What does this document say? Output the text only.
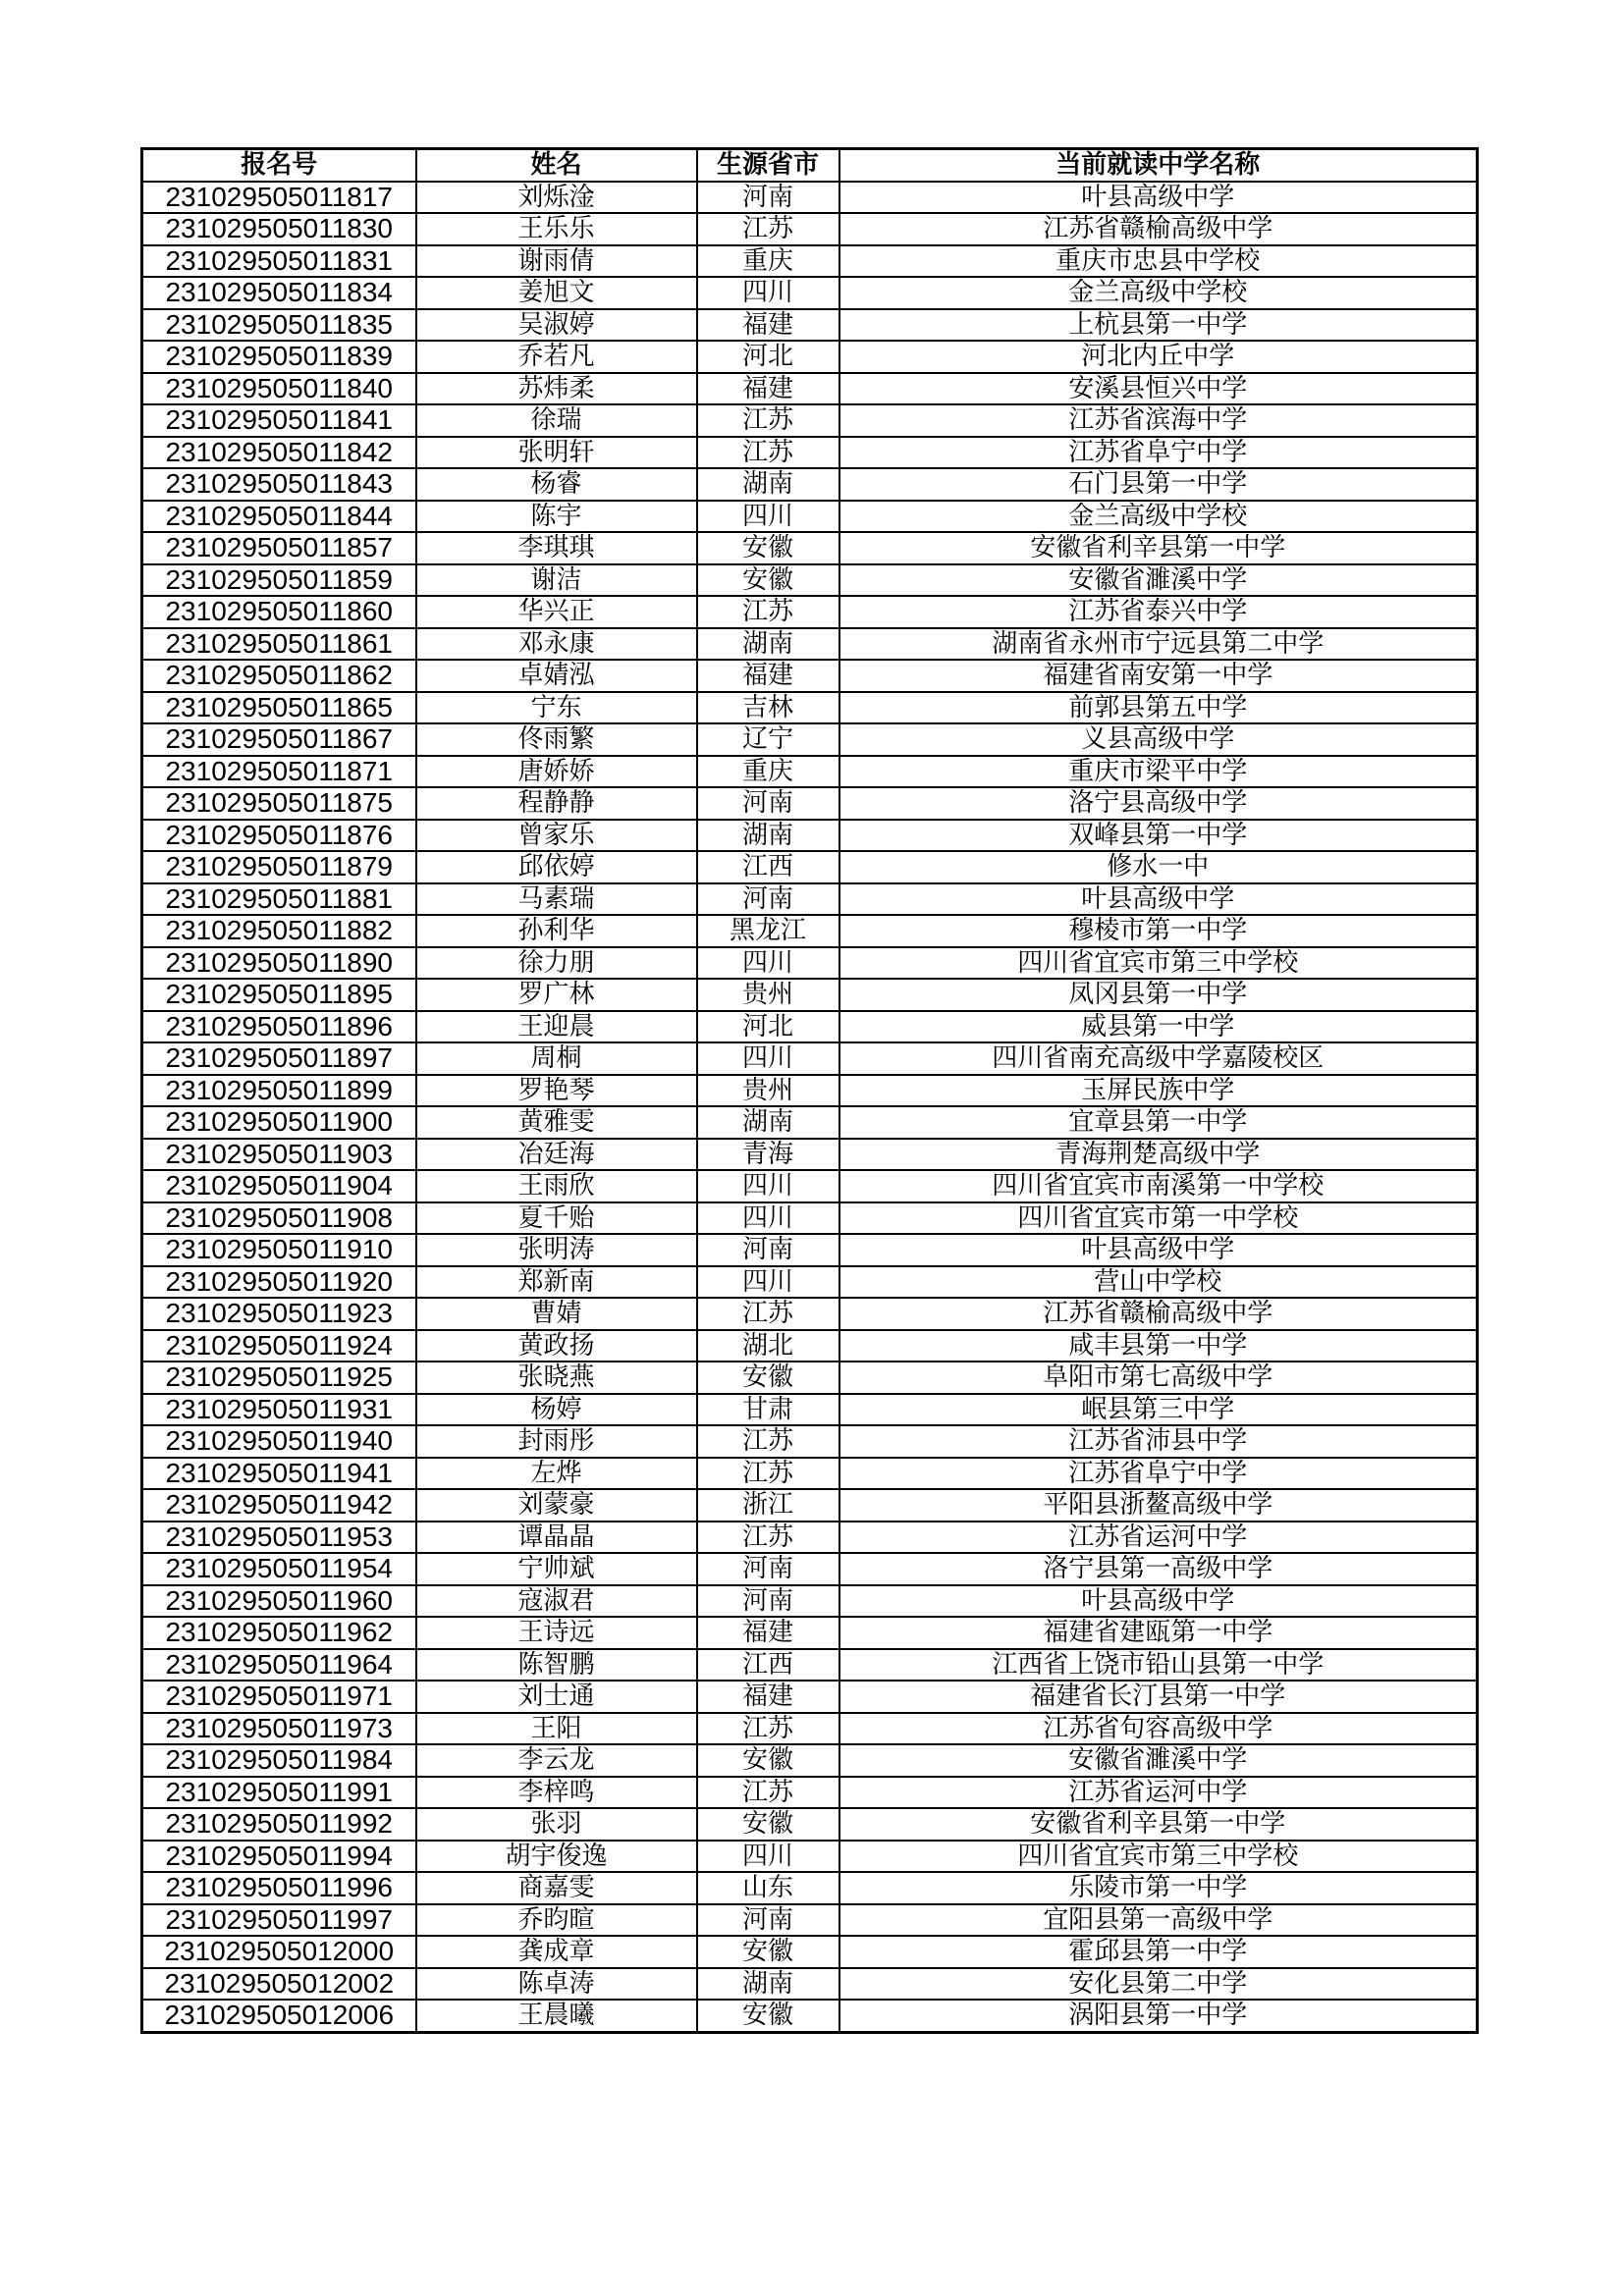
报名号	姓名	生源省市	当前就读中学名称
231029505011817	刘烁淦	河南	叶县高级中学
231029505011830	王乐乐	江苏	江苏省赣榆高级中学
231029505011831	谢雨倩	重庆	重庆市忠县中学校
231029505011834	姜旭文	四川	金兰高级中学校
231029505011835	吴淑婷	福建	上杭县第一中学
231029505011839	乔若凡	河北	河北内丘中学
231029505011840	苏炜柔	福建	安溪县恒兴中学
231029505011841	徐瑞	江苏	江苏省滨海中学
231029505011842	张明轩	江苏	江苏省阜宁中学
231029505011843	杨睿	湖南	石门县第一中学
231029505011844	陈宇	四川	金兰高级中学校
231029505011857	李琪琪	安徽	安徽省利辛县第一中学
231029505011859	谢洁	安徽	安徽省濉溪中学
231029505011860	华兴正	江苏	江苏省泰兴中学
231029505011861	邓永康	湖南	湖南省永州市宁远县第二中学
231029505011862	卓婧泓	福建	福建省南安第一中学
231029505011865	宁东	吉林	前郭县第五中学
231029505011867	佟雨繁	辽宁	义县高级中学
231029505011871	唐娇娇	重庆	重庆市梁平中学
231029505011875	程静静	河南	洛宁县高级中学
231029505011876	曾家乐	湖南	双峰县第一中学
231029505011879	邱依婷	江西	修水一中
231029505011881	马素瑞	河南	叶县高级中学
231029505011882	孙利华	黑龙江	穆棱市第一中学
231029505011890	徐力朋	四川	四川省宜宾市第三中学校
231029505011895	罗广林	贵州	凤冈县第一中学
231029505011896	王迎晨	河北	威县第一中学
231029505011897	周桐	四川	四川省南充高级中学嘉陵校区
231029505011899	罗艳琴	贵州	玉屏民族中学
231029505011900	黄雅雯	湖南	宜章县第一中学
231029505011903	冶廷海	青海	青海荆楚高级中学
231029505011904	王雨欣	四川	四川省宜宾市南溪第一中学校
231029505011908	夏千贻	四川	四川省宜宾市第一中学校
231029505011910	张明涛	河南	叶县高级中学
231029505011920	郑新南	四川	营山中学校
231029505011923	曹婧	江苏	江苏省赣榆高级中学
231029505011924	黄政扬	湖北	咸丰县第一中学
231029505011925	张晓燕	安徽	阜阳市第七高级中学
231029505011931	杨婷	甘肃	岷县第三中学
231029505011940	封雨彤	江苏	江苏省沛县中学
231029505011941	左烨	江苏	江苏省阜宁中学
231029505011942	刘蒙豪	浙江	平阳县浙鳌高级中学
231029505011953	谭晶晶	江苏	江苏省运河中学
231029505011954	宁帅斌	河南	洛宁县第一高级中学
231029505011960	寇淑君	河南	叶县高级中学
231029505011962	王诗远	福建	福建省建瓯第一中学
231029505011964	陈智鹏	江西	江西省上饶市铅山县第一中学
231029505011971	刘士通	福建	福建省长汀县第一中学
231029505011973	王阳	江苏	江苏省句容高级中学
231029505011984	李云龙	安徽	安徽省濉溪中学
231029505011991	李梓鸣	江苏	江苏省运河中学
231029505011992	张羽	安徽	安徽省利辛县第一中学
231029505011994	胡宇俊逸	四川	四川省宜宾市第三中学校
231029505011996	商嘉雯	山东	乐陵市第一中学
231029505011997	乔昀暄	河南	宜阳县第一高级中学
231029505012000	龚成章	安徽	霍邱县第一中学
231029505012002	陈卓涛	湖南	安化县第二中学
231029505012006	王晨曦	安徽	涡阳县第一中学
